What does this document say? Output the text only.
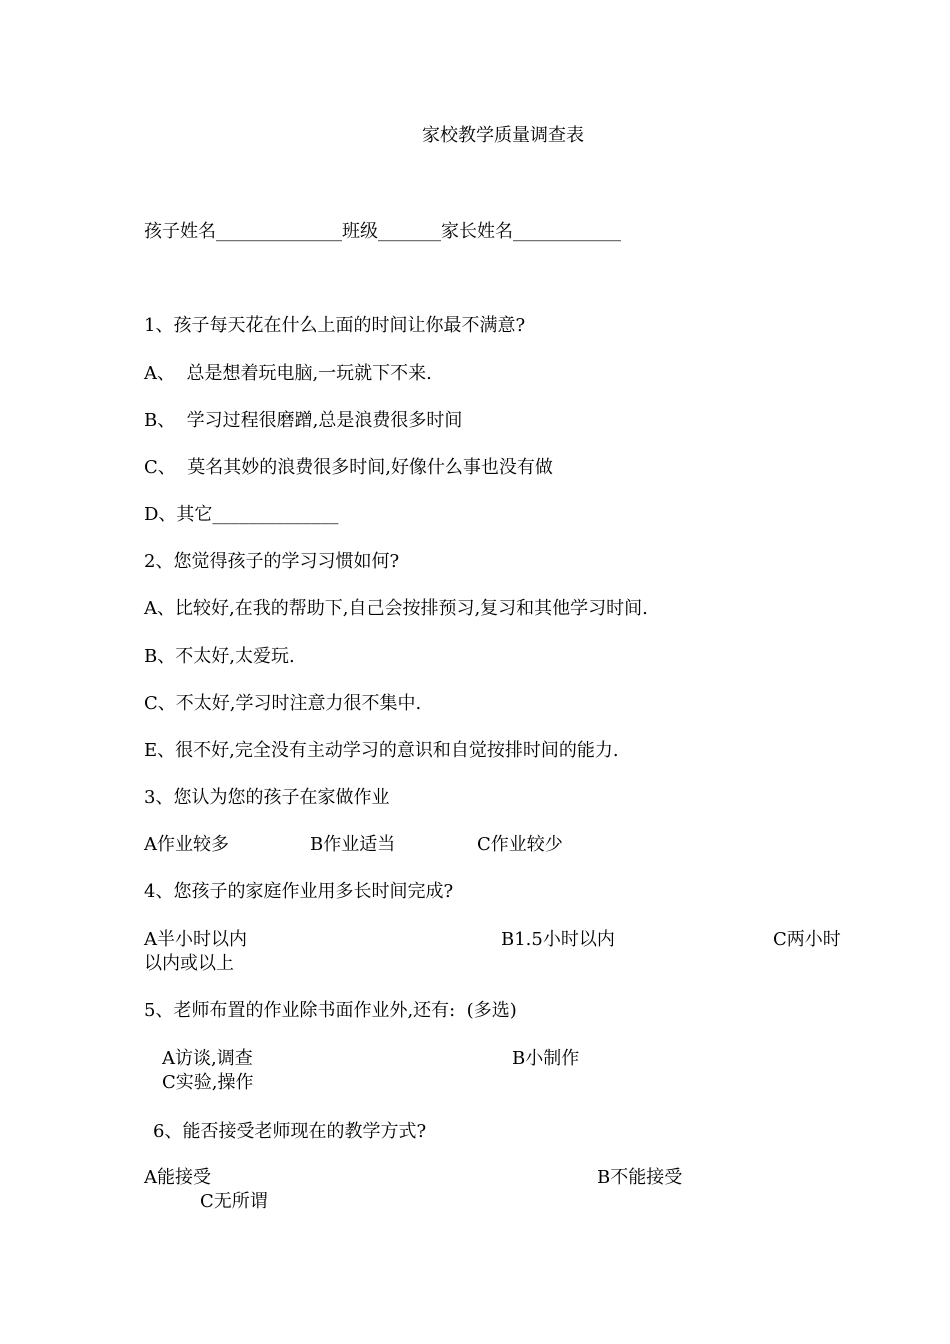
家校教学质量调查表
孩子姓名______________班级_______家长姓名____________
1、孩子每天花在什么上面的时间让你最不满意?
A、  总是想着玩电脑,一玩就下不来.
B、  学习过程很磨蹭,总是浪费很多时间
C、  莫名其妙的浪费很多时间,好像什么事也没有做
D、其它______________
2、您觉得孩子的学习习惯如何?
A、比较好,在我的帮助下,自己会按排预习,复习和其他学习时间.
B、不太好,太爱玩.
C、不太好,学习时注意力很不集中.
E、很不好,完全没有主动学习的意识和自觉按排时间的能力.
3、您认为您的孩子在家做作业
A作业较多	B作业适当	C作业较少
4、您孩子的家庭作业用多长时间完成?
A半小时以内	B1.5小时以内	C两小时
以内或以上
5、老师布置的作业除书面作业外,还有:  (多选)
A访谈,调查	B小制作
C实验,操作
6、能否接受老师现在的教学方式?
A能接受	B不能接受
C无所谓
